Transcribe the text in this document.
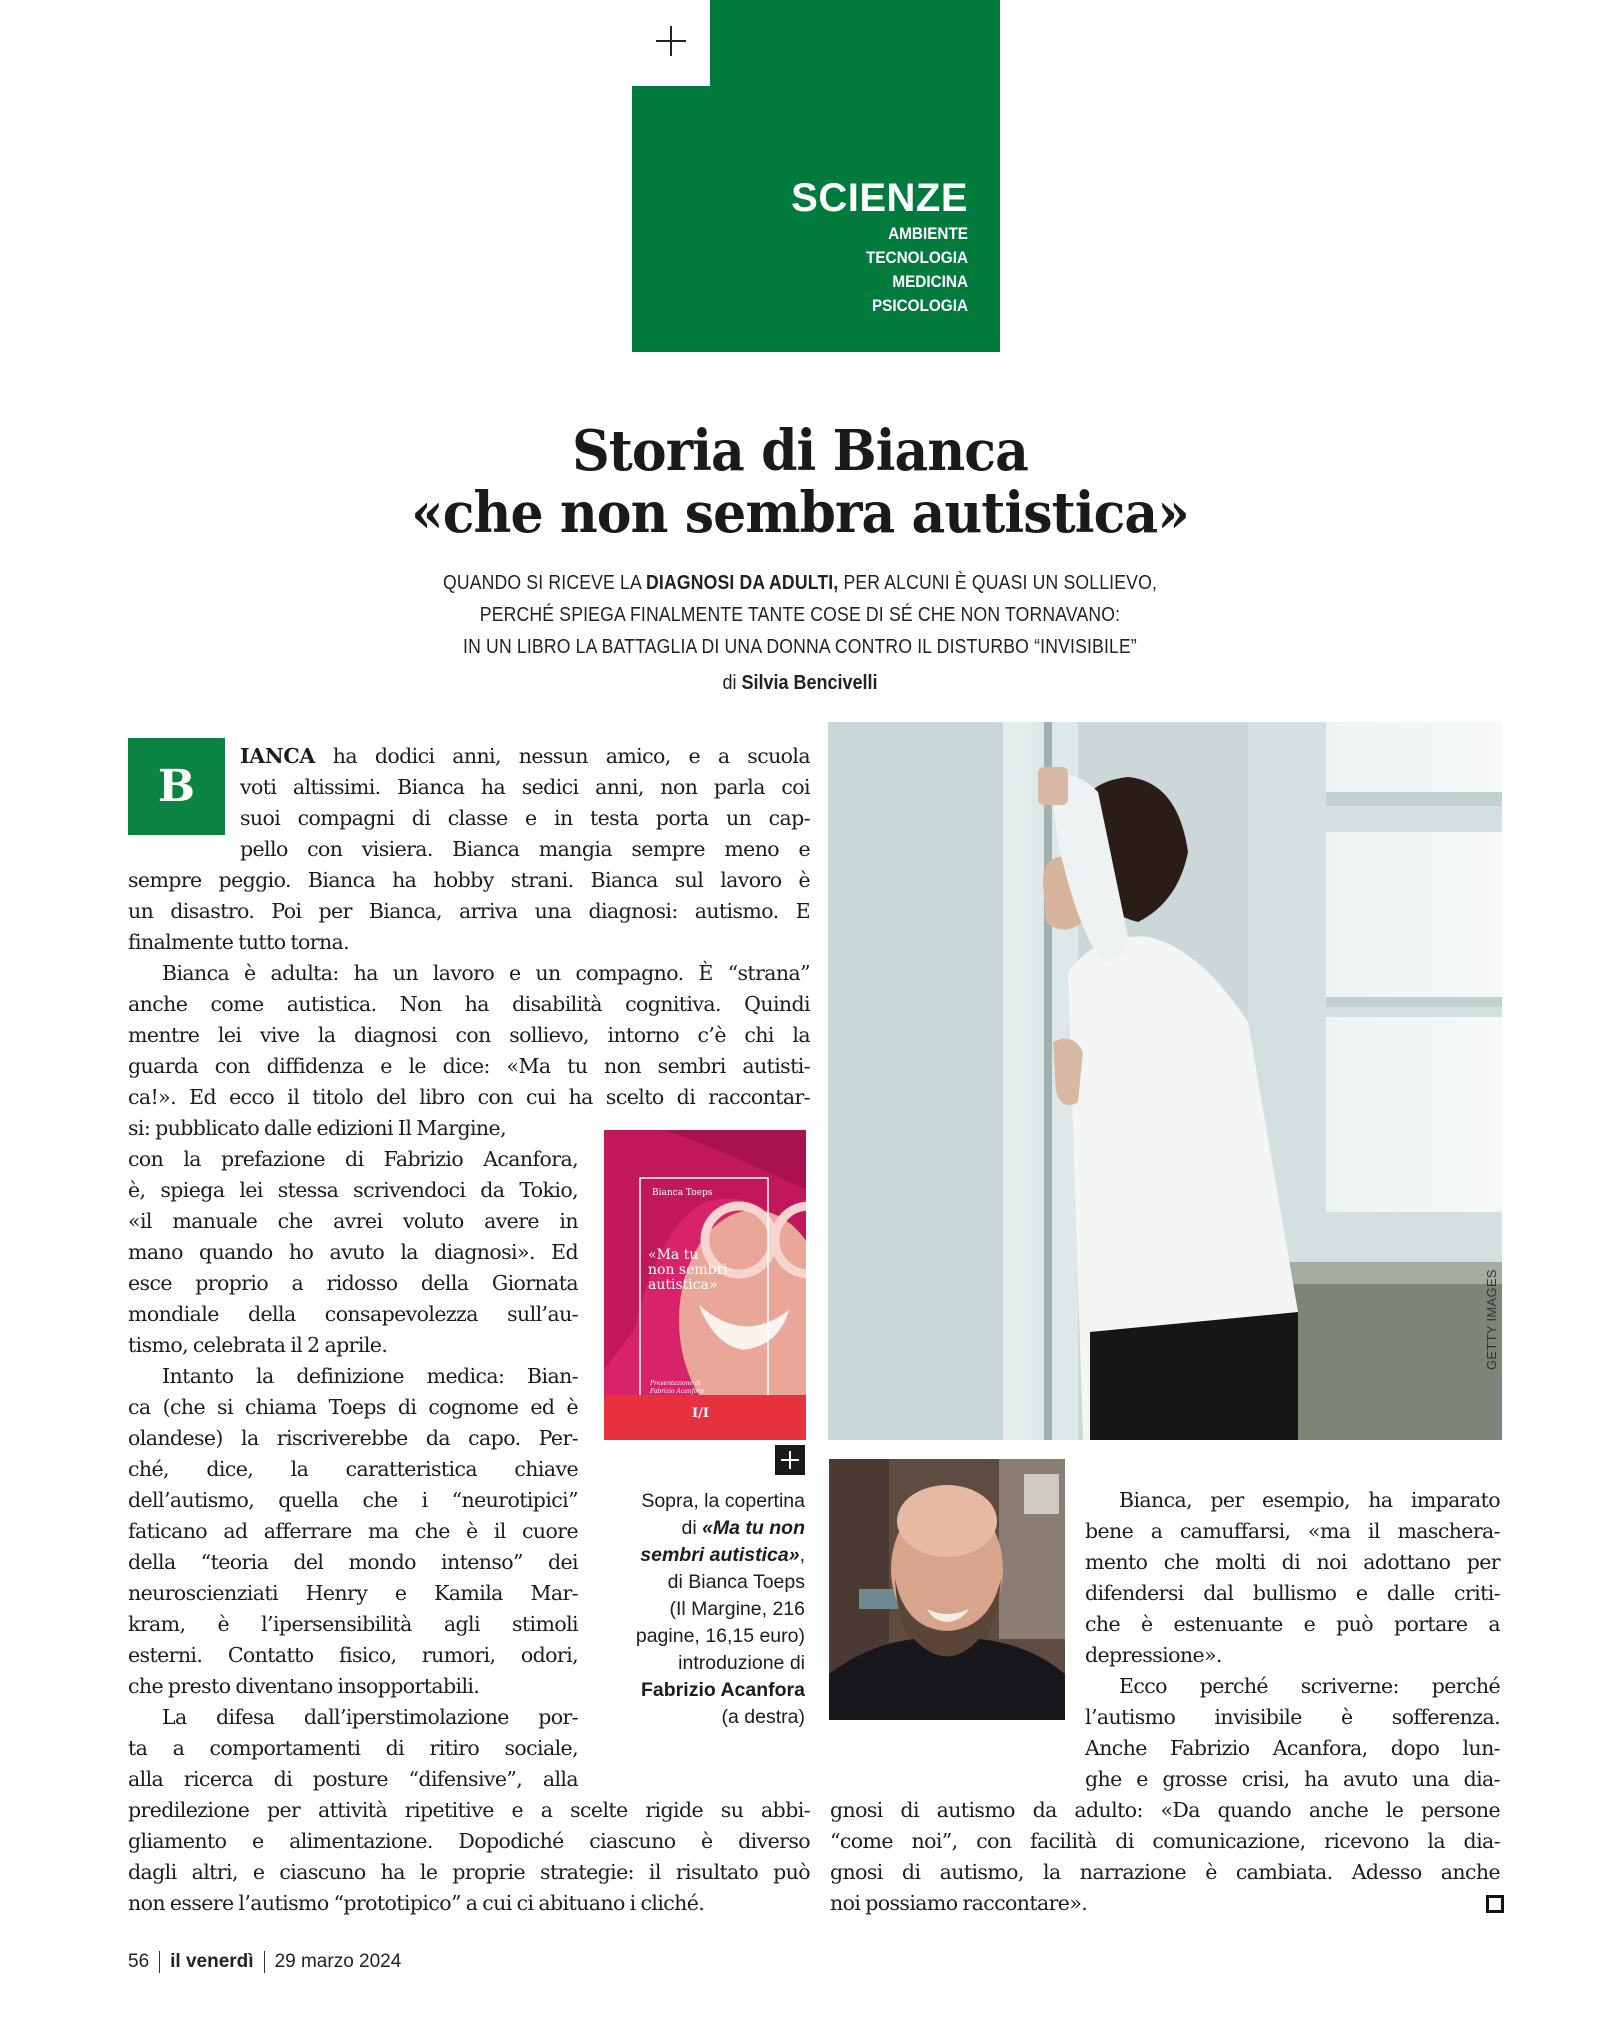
SCIENZE
AMBIENTE
TECNOLOGIA
MEDICINA
PSICOLOGIA
Storia di Bianca
«che non sembra autistica»
QUANDO SI RICEVE LA DIAGNOSI DA ADULTI, PER ALCUNI È QUASI UN SOLLIEVO,
PERCHÉ SPIEGA FINALMENTE TANTE COSE DI SÉ CHE NON TORNAVANO:
IN UN LIBRO LA BATTAGLIA DI UNA DONNA CONTRO IL DISTURBO “INVISIBILE”
di Silvia Bencivelli
B
IANCA ha dodici anni, nessun amico, e a scuola
voti altissimi. Bianca ha sedici anni, non parla coi
suoi compagni di classe e in testa porta un cap-
pello con visiera. Bianca mangia sempre meno e
sempre peggio. Bianca ha hobby strani. Bianca sul lavoro è
un disastro. Poi per Bianca, arriva una diagnosi: autismo. E
finalmente tutto torna.
Bianca è adulta: ha un lavoro e un compagno. È “strana”
anche come autistica. Non ha disabilità cognitiva. Quindi
mentre lei vive la diagnosi con sollievo, intorno c’è chi la
guarda con diffidenza e le dice: «Ma tu non sembri autisti-
ca!». Ed ecco il titolo del libro con cui ha scelto di raccontar-
si: pubblicato dalle edizioni Il Margine,
con la prefazione di Fabrizio Acanfora,
è, spiega lei stessa scrivendoci da Tokio,
«il manuale che avrei voluto avere in
mano quando ho avuto la diagnosi». Ed
esce proprio a ridosso della Giornata
mondiale della consapevolezza sull’au-
tismo, celebrata il 2 aprile.
Intanto la definizione medica: Bian-
ca (che si chiama Toeps di cognome ed è
olandese) la riscriverebbe da capo. Per-
ché, dice, la caratteristica chiave
dell’autismo, quella che i “neurotipici”
faticano ad afferrare ma che è il cuore
della “teoria del mondo intenso” dei
neuroscienziati Henry e Kamila Mar-
kram, è l’ipersensibilità agli stimoli
esterni. Contatto fisico, rumori, odori,
che presto diventano insopportabili.
La difesa dall’iperstimolazione por-
ta a comportamenti di ritiro sociale,
alla ricerca di posture “difensive”, alla
predilezione per attività ripetitive e a scelte rigide su abbi-
gliamento e alimentazione. Dopodiché ciascuno è diverso
dagli altri, e ciascuno ha le proprie strategie: il risultato può
non essere l’autismo “prototipico” a cui ci abituano i cliché.
Bianca, per esempio, ha imparato
bene a camuffarsi, «ma il maschera-
mento che molti di noi adottano per
difendersi dal bullismo e dalle criti-
che è estenuante e può portare a
depressione».
Ecco perché scriverne: perché
l’autismo invisibile è sofferenza.
Anche Fabrizio Acanfora, dopo lun-
ghe e grosse crisi, ha avuto una dia-
gnosi di autismo da adulto: «Da quando anche le persone
“come noi”, con facilità di comunicazione, ricevono la dia-
gnosi di autismo, la narrazione è cambiata. Adesso anche
noi possiamo raccontare».
GETTY IMAGES
Bianca Toeps
«Ma tu
non sembri
autistica»
Presentazione di
Fabrizio Acanfora
I/I
Sopra, la copertina
di «Ma tu non
sembri autistica»,
di Bianca Toeps
(Il Margine, 216
pagine, 16,15 euro)
introduzione di
Fabrizio Acanfora
(a destra)
56 il venerdì 29 marzo 2024
